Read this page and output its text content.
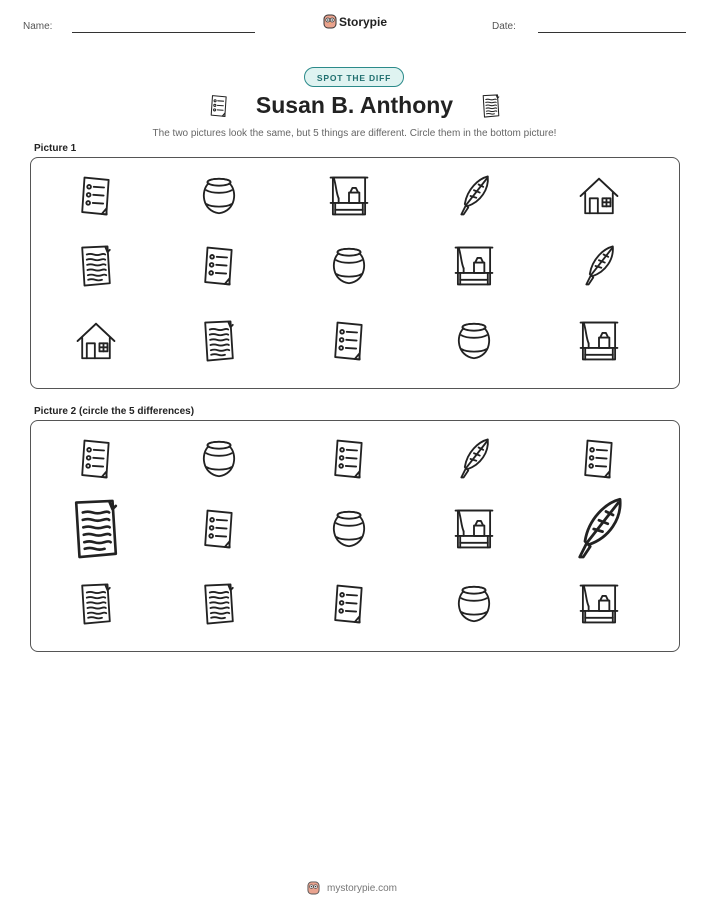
Name:	Storypie	Date:
SPOT THE DIFF
Susan B. Anthony
The two pictures look the same, but 5 things are different. Circle them in the bottom picture!
Picture 1
Picture 2 (circle the 5 differences)
mystorypie.com
